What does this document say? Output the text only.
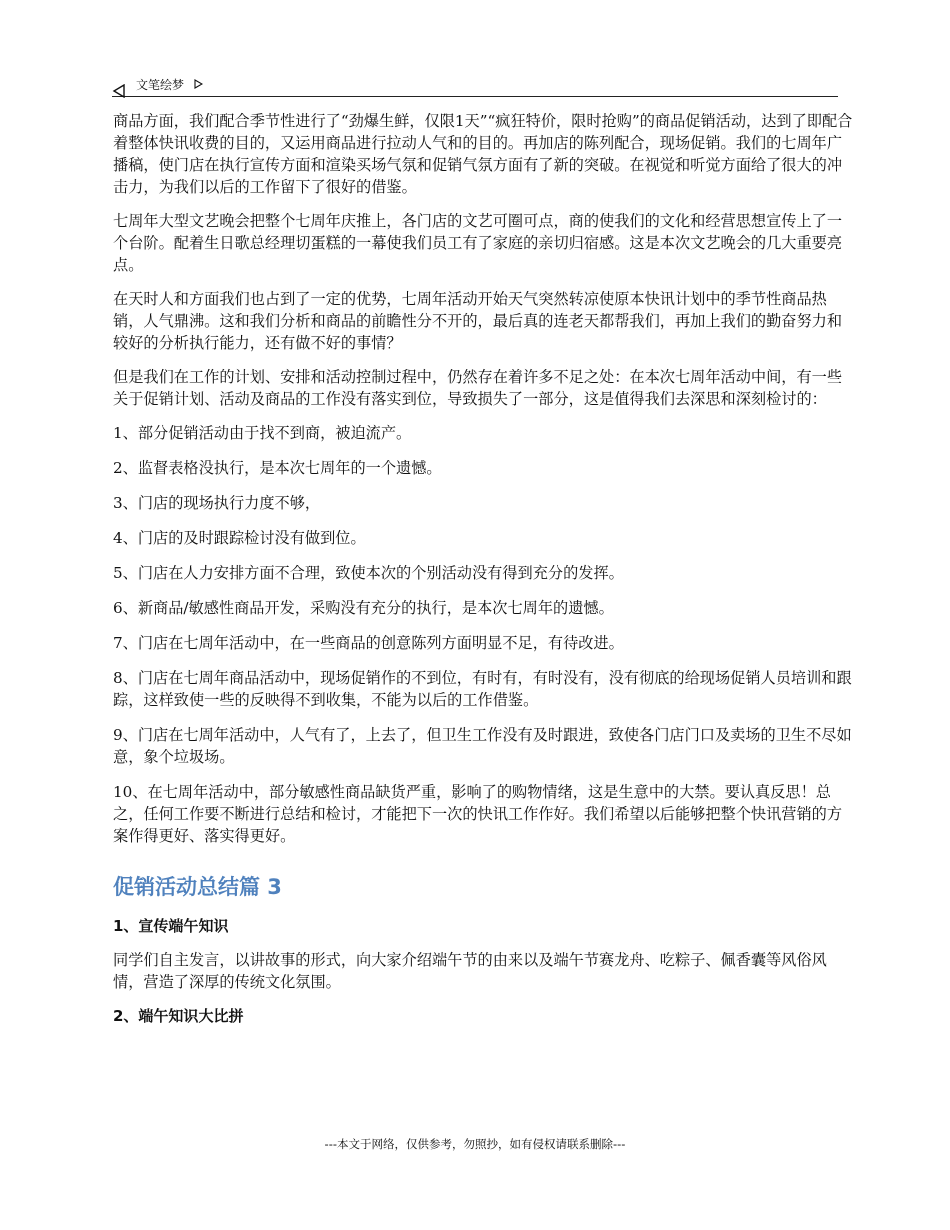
文笔绘梦

商品方面，我们配合季节性进行了“劲爆生鲜，仅限1天”“疯狂特价，限时抢购”的商品促销活动，达到了即配合着整体快讯收费的目的，又运用商品进行拉动人气和的目的。再加店的陈列配合，现场促销。我们的七周年广播稿，使门店在执行宣传方面和渲染买场气氛和促销气氛方面有了新的突破。在视觉和听觉方面给了很大的冲击力，为我们以后的工作留下了很好的借鉴。

七周年大型文艺晚会把整个七周年庆推上，各门店的文艺可圈可点，商的使我们的文化和经营思想宣传上了一个台阶。配着生日歌总经理切蛋糕的一幕使我们员工有了家庭的亲切归宿感。这是本次文艺晚会的几大重要亮点。

在天时人和方面我们也占到了一定的优势，七周年活动开始天气突然转凉使原本快讯计划中的季节性商品热销，人气鼎沸。这和我们分析和商品的前瞻性分不开的，最后真的连老天都帮我们，再加上我们的勤奋努力和较好的分析执行能力，还有做不好的事情？

但是我们在工作的计划、安排和活动控制过程中，仍然存在着许多不足之处：在本次七周年活动中间，有一些关于促销计划、活动及商品的工作没有落实到位，导致损失了一部分，这是值得我们去深思和深刻检讨的：

1、部分促销活动由于找不到商，被迫流产。

2、监督表格没执行，是本次七周年的一个遗憾。

3、门店的现场执行力度不够，

4、门店的及时跟踪检讨没有做到位。

5、门店在人力安排方面不合理，致使本次的个别活动没有得到充分的发挥。

6、新商品/敏感性商品开发，采购没有充分的执行，是本次七周年的遗憾。

7、门店在七周年活动中，在一些商品的创意陈列方面明显不足，有待改进。

8、门店在七周年商品活动中，现场促销作的不到位，有时有，有时没有，没有彻底的给现场促销人员培训和跟踪，这样致使一些的反映得不到收集，不能为以后的工作借鉴。

9、门店在七周年活动中，人气有了，上去了，但卫生工作没有及时跟进，致使各门店门口及卖场的卫生不尽如意，象个垃圾场。

10、在七周年活动中，部分敏感性商品缺货严重，影响了的购物情绪，这是生意中的大禁。要认真反思！总之，任何工作要不断进行总结和检讨，才能把下一次的快讯工作作好。我们希望以后能够把整个快讯营销的方案作得更好、落实得更好。

促销活动总结篇 3

1、宣传端午知识

同学们自主发言，以讲故事的形式，向大家介绍端午节的由来以及端午节赛龙舟、吃粽子、佩香囊等风俗风情，营造了深厚的传统文化氛围。

2、端午知识大比拼

---本文于网络，仅供参考，勿照抄，如有侵权请联系删除---
